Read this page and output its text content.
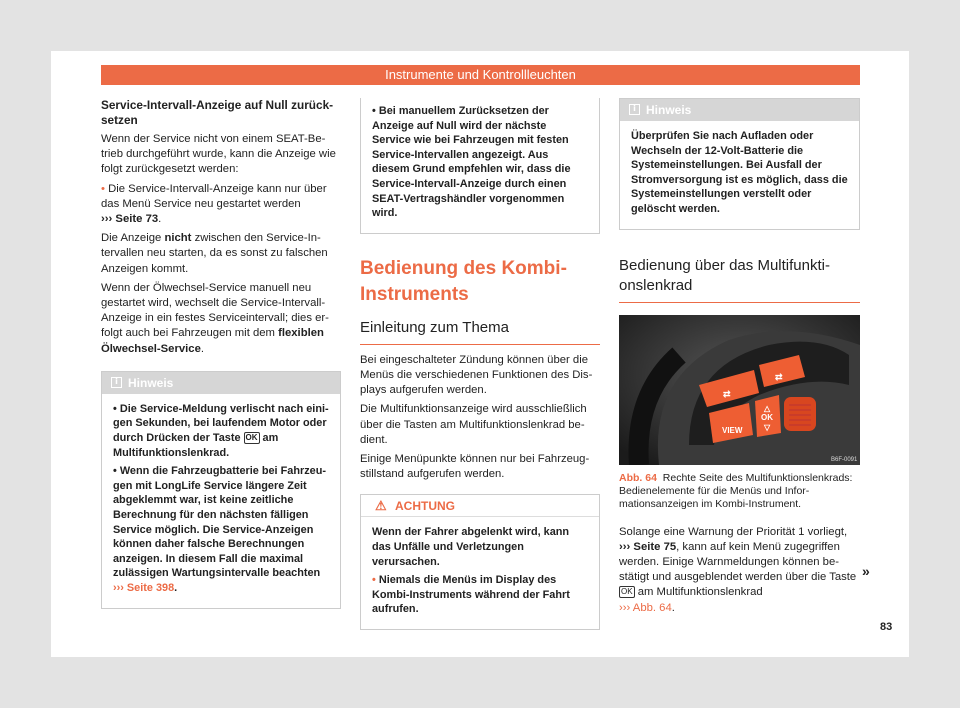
Instrumente und Kontrollleuchten
Service-Intervall-Anzeige auf Null zurücksetzen

Wenn der Service nicht von einem SEAT-Betrieb durchgeführt wurde, kann die Anzeige wie folgt zurückgesetzt werden:

• Die Service-Intervall-Anzeige kann nur über das Menü Service neu gestartet werden
››› Seite 73.

Die Anzeige nicht zwischen den Service-Intervallen neu starten, da es sonst zu falschen Anzeigen kommt.

Wenn der Ölwechsel-Service manuell neu gestartet wird, wechselt die Service-Intervall-Anzeige in ein festes Serviceintervall; dies erfolgt auch bei Fahrzeugen mit dem flexiblen Ölwechsel-Service.

i Hinweis

• Die Service-Meldung verlischt nach einigen Sekunden, bei laufendem Motor oder durch Drücken der Taste OK am Multifunktionslenkrad.

• Wenn die Fahrzeugbatterie bei Fahrzeugen mit LongLife Service längere Zeit abgeklemmt war, ist keine zeitliche Berechnung für den nächsten fälligen Service möglich. Die Service-Anzeigen können daher falsche Berechnungen anzeigen. In diesem Fall die maximal zulässigen Wartungsintervalle beachten ››› Seite 398.

• Bei manuellem Zurücksetzen der Anzeige auf Null wird der nächste Service wie bei Fahrzeugen mit festen Service-Intervallen angezeigt. Aus diesem Grund empfehlen wir, dass die Service-Intervall-Anzeige durch einen SEAT-Vertragshändler vorgenommen wird.

Bedienung des Kombi-Instruments
Einleitung zum Thema

Bei eingeschalteter Zündung können über die Menüs die verschiedenen Funktionen des Displays aufgerufen werden.

Die Multifunktionsanzeige wird ausschließlich über die Tasten am Multifunktionslenkrad bedient.

Einige Menüpunkte können nur bei Fahrzeugstillstand aufgerufen werden.

⚠ ACHTUNG

Wenn der Fahrer abgelenkt wird, kann das Unfälle und Verletzungen verursachen.

• Niemals die Menüs im Display des Kombi-Instruments während der Fahrt aufrufen.

i Hinweis

Überprüfen Sie nach Aufladen oder Wechseln der 12-Volt-Batterie die Systemeinstellungen. Bei Ausfall der Stromversorgung ist es möglich, dass die Systemeinstellungen verstellt oder gelöscht werden.

Bedienung über das Multifunktionslenkrad
VIEW
OK
△
▽
⇄
⇄
B6F-0091
Abb. 64 Rechte Seite des Multifunktionslenkrads: Bedienelemente für die Menüs und Informationsanzeigen im Kombi-Instrument.

Solange eine Warnung der Priorität 1 vorliegt,
››› Seite 75, kann auf kein Menü zugegriffen werden. Einige Warnmeldungen können bestätigt und ausgeblendet werden über die Taste OK am Multifunktionslenkrad
››› Abb. 64.

»
83
